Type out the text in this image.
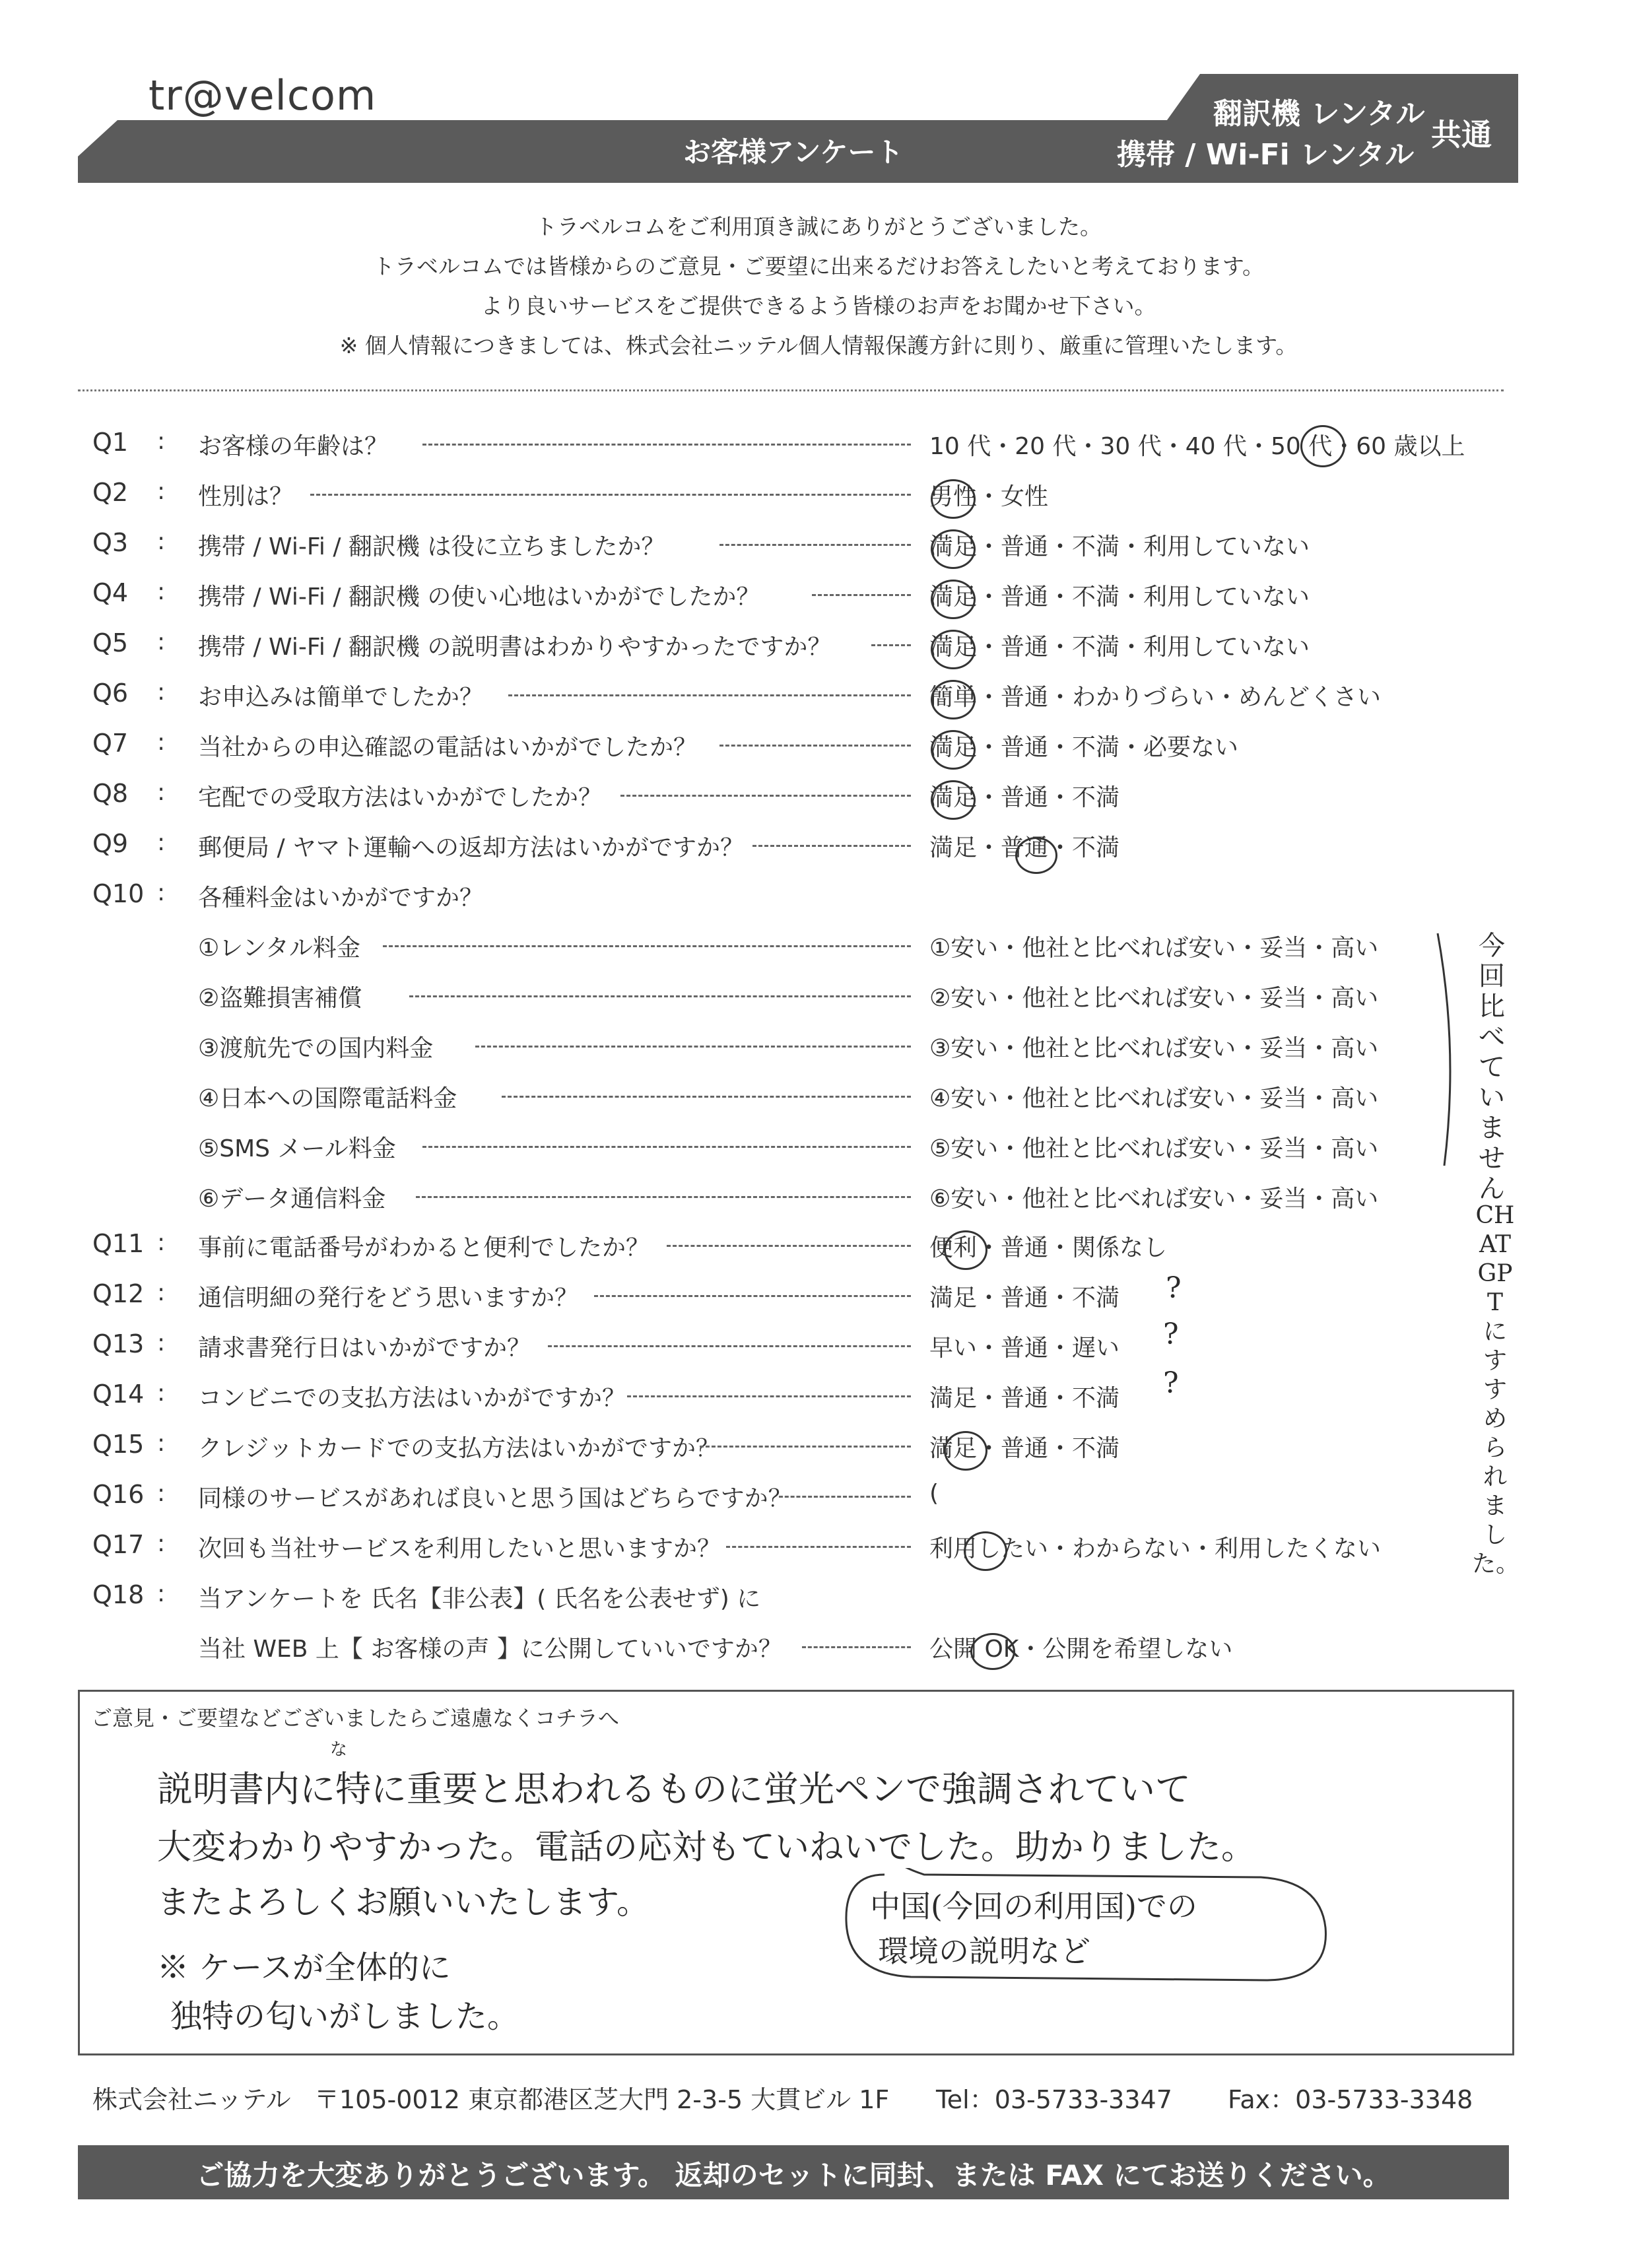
tr@velcom
お客様アンケート
翻訳機 レンタル
携帯 / Wi-Fi レンタル
共通
トラベルコムをご利用頂き誠にありがとうございました。
トラベルコムでは皆様からのご意見・ご要望に出来るだけお答えしたいと考えております。
より良いサービスをご提供できるよう皆様のお声をお聞かせ下さい。
※ 個人情報につきましては、株式会社ニッテル個人情報保護方針に則り、厳重に管理いたします。
Q1 : お客様の年齢は？	10 代・20 代・30 代・40 代・50 代・60 歳以上
Q2 : 性別は？	男性・女性
Q3 : 携帯 / Wi-Fi / 翻訳機 は役に立ちましたか？	満足・普通・不満・利用していない
Q4 : 携帯 / Wi-Fi / 翻訳機 の使い心地はいかがでしたか？	満足・普通・不満・利用していない
Q5 : 携帯 / Wi-Fi / 翻訳機 の説明書はわかりやすかったですか？	満足・普通・不満・利用していない
Q6 : お申込みは簡単でしたか？	簡単・普通・わかりづらい・めんどくさい
Q7 : 当社からの申込確認の電話はいかがでしたか？	満足・普通・不満・必要ない
Q8 : 宅配での受取方法はいかがでしたか？	満足・普通・不満
Q9 : 郵便局 / ヤマト運輸への返却方法はいかがですか？	満足・普通・不満
Q10 : 各種料金はいかがですか？
①レンタル料金	①安い・他社と比べれば安い・妥当・高い
②盗難損害補償	②安い・他社と比べれば安い・妥当・高い
③渡航先での国内料金	③安い・他社と比べれば安い・妥当・高い
④日本への国際電話料金	④安い・他社と比べれば安い・妥当・高い
⑤SMS メール料金	⑤安い・他社と比べれば安い・妥当・高い
⑥データ通信料金	⑥安い・他社と比べれば安い・妥当・高い
Q11 : 事前に電話番号がわかると便利でしたか？	便利・普通・関係なし
Q12 : 通信明細の発行をどう思いますか？	満足・普通・不満
Q13 : 請求書発行日はいかがですか？	早い・普通・遅い
Q14 : コンビニでの支払方法はいかがですか？	満足・普通・不満
Q15 : クレジットカードでの支払方法はいかがですか？	満足・普通・不満
Q16 : 同様のサービスがあれば良いと思う国はどちらですか？	(
Q17 : 次回も当社サービスを利用したいと思いますか？	利用したい・わからない・利用したくない
Q18 : 当アンケートを 氏名【非公表】( 氏名を公表せず) に
当社 WEB 上【 お客様の声 】に公開していいですか？	公開 OK・公開を希望しない
今回比べていません
CHAT GPT にすすめられました。
?
?
?
ご意見・ご要望などございましたらご遠慮なくコチラへ
な
説明書内に特に重要と思われるものに蛍光ペンで強調されていて
大変わかりやすかった。電話の応対もていねいでした。助かりました。
またよろしくお願いいたします。	中国(今回の利用国)での
環境の説明など
※ ケースが全体的に
独特の匂いがしました。
株式会社ニッテル 〒105-0012 東京都港区芝大門 2-3-5 大貫ビル 1F Tel：03-5733-3347 Fax：03-5733-3348
ご協力を大変ありがとうございます。 返却のセットに同封、または FAX にてお送りください。
